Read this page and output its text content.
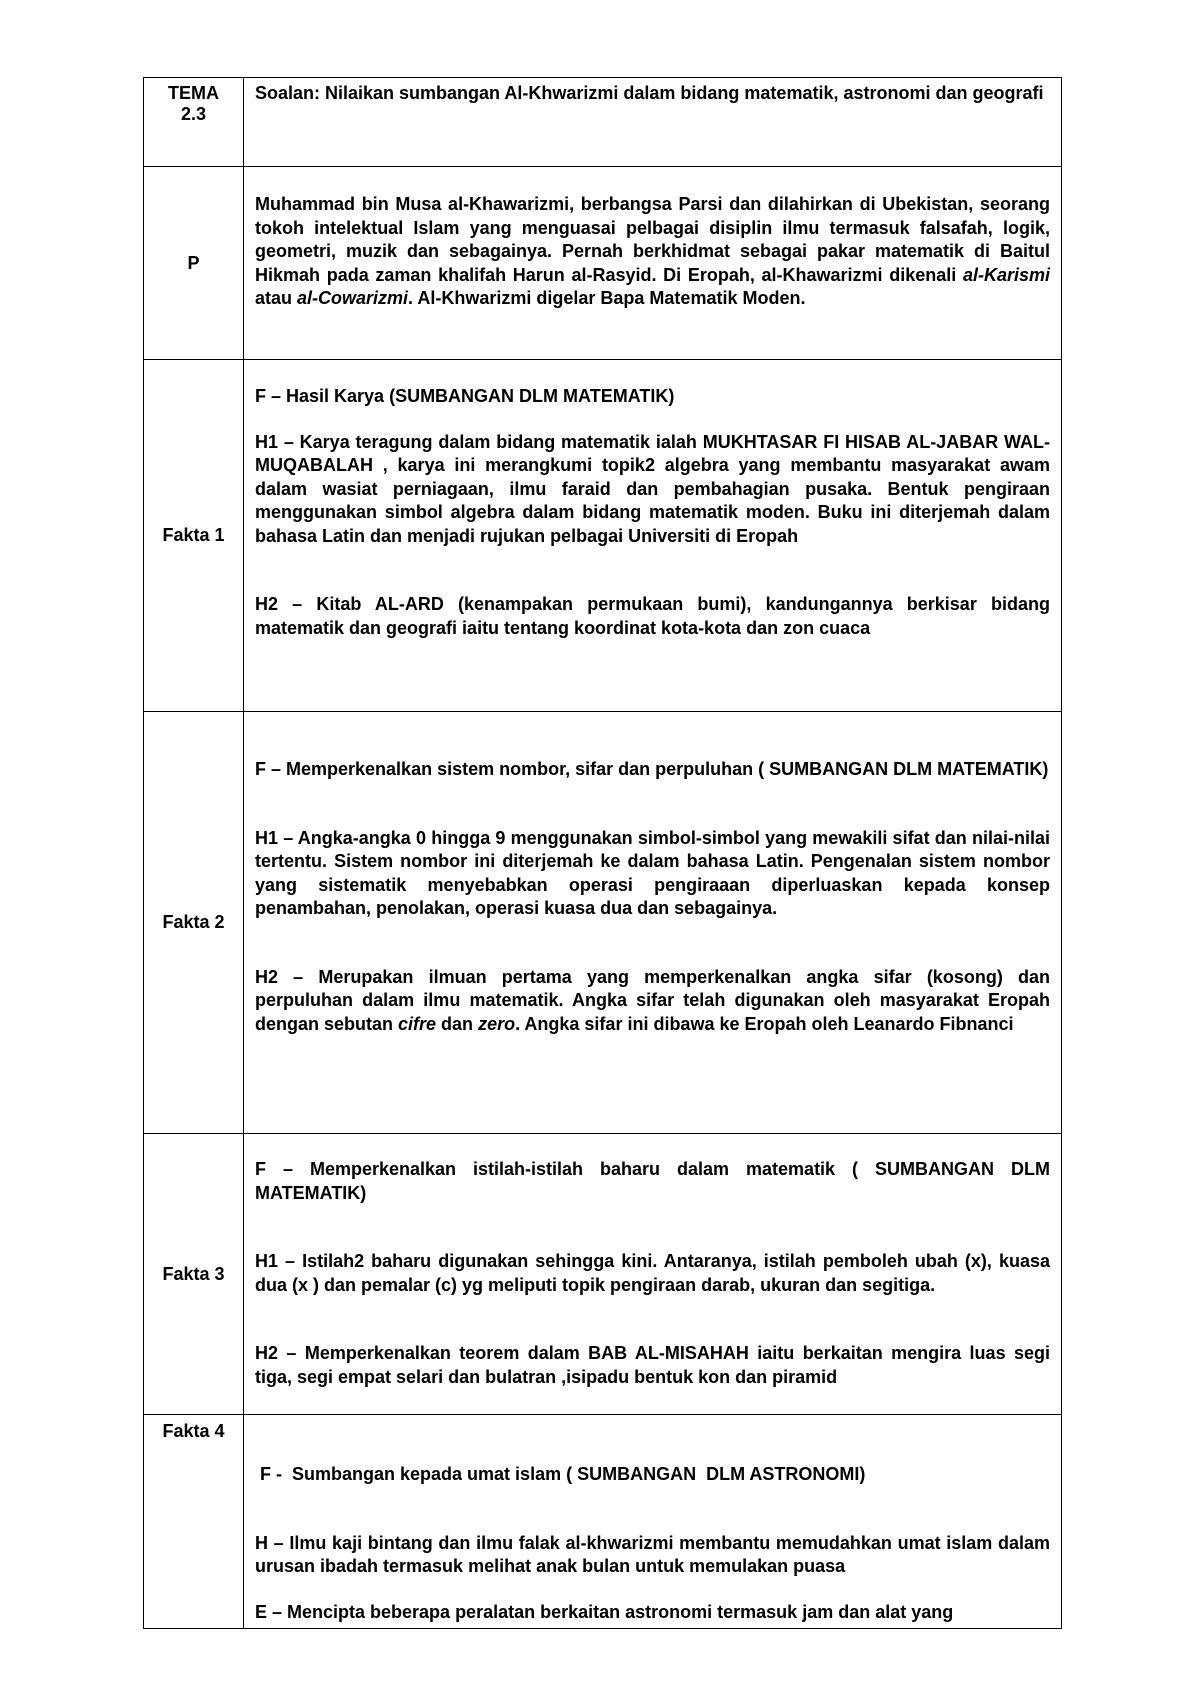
TEMA 2.3	Soalan: Nilaikan sumbangan Al-Khwarizmi dalam bidang matematik, astronomi dan geografi

P	Muhammad bin Musa al-Khawarizmi, berbangsa Parsi dan dilahirkan di Ubekistan, seorang tokoh intelektual Islam yang menguasai pelbagai disiplin ilmu termasuk falsafah, logik, geometri, muzik dan sebagainya. Pernah berkhidmat sebagai pakar matematik di Baitul Hikmah pada zaman khalifah Harun al-Rasyid. Di Eropah, al-Khawarizmi dikenali al-Karismi atau al-Cowarizmi. Al-Khwarizmi digelar Bapa Matematik Moden.

Fakta 1	F – Hasil Karya (SUMBANGAN DLM MATEMATIK)

H1 – Karya teragung dalam bidang matematik ialah MUKHTASAR FI HISAB AL-JABAR WAL- MUQABALAH , karya ini merangkumi topik2 algebra yang membantu masyarakat awam dalam wasiat perniagaan, ilmu faraid dan pembahagian pusaka. Bentuk pengiraan menggunakan simbol algebra dalam bidang matematik moden. Buku ini diterjemah dalam bahasa Latin dan menjadi rujukan pelbagai Universiti di Eropah

H2 – Kitab AL-ARD (kenampakan permukaan bumi), kandungannya berkisar bidang matematik dan geografi iaitu tentang koordinat kota-kota dan zon cuaca

Fakta 2	F – Memperkenalkan sistem nombor, sifar dan perpuluhan ( SUMBANGAN DLM MATEMATIK)

H1 – Angka-angka 0 hingga 9 menggunakan simbol-simbol yang mewakili sifat dan nilai-nilai tertentu. Sistem nombor ini diterjemah ke dalam bahasa Latin. Pengenalan sistem nombor yang sistematik menyebabkan operasi pengiraaan diperluaskan kepada konsep penambahan, penolakan, operasi kuasa dua dan sebagainya.

H2 – Merupakan ilmuan pertama yang memperkenalkan angka sifar (kosong) dan perpuluhan dalam ilmu matematik. Angka sifar telah digunakan oleh masyarakat Eropah dengan sebutan cifre dan zero. Angka sifar ini dibawa ke Eropah oleh Leanardo Fibnanci

Fakta 3	F – Memperkenalkan istilah-istilah baharu dalam matematik ( SUMBANGAN DLM MATEMATIK)

H1 – Istilah2 baharu digunakan sehingga kini. Antaranya, istilah pemboleh ubah (x), kuasa dua (x ) dan pemalar (c) yg meliputi topik pengiraan darab, ukuran dan segitiga.

H2 – Memperkenalkan teorem dalam BAB AL-MISAHAH iaitu berkaitan mengira luas segi tiga, segi empat selari dan bulatran ,isipadu bentuk kon dan piramid

Fakta 4	F -  Sumbangan kepada umat islam ( SUMBANGAN  DLM ASTRONOMI)

H – Ilmu kaji bintang dan ilmu falak al-khwarizmi membantu memudahkan umat islam dalam urusan ibadah termasuk melihat anak bulan untuk memulakan puasa

E – Mencipta beberapa peralatan berkaitan astronomi termasuk jam dan alat yang
